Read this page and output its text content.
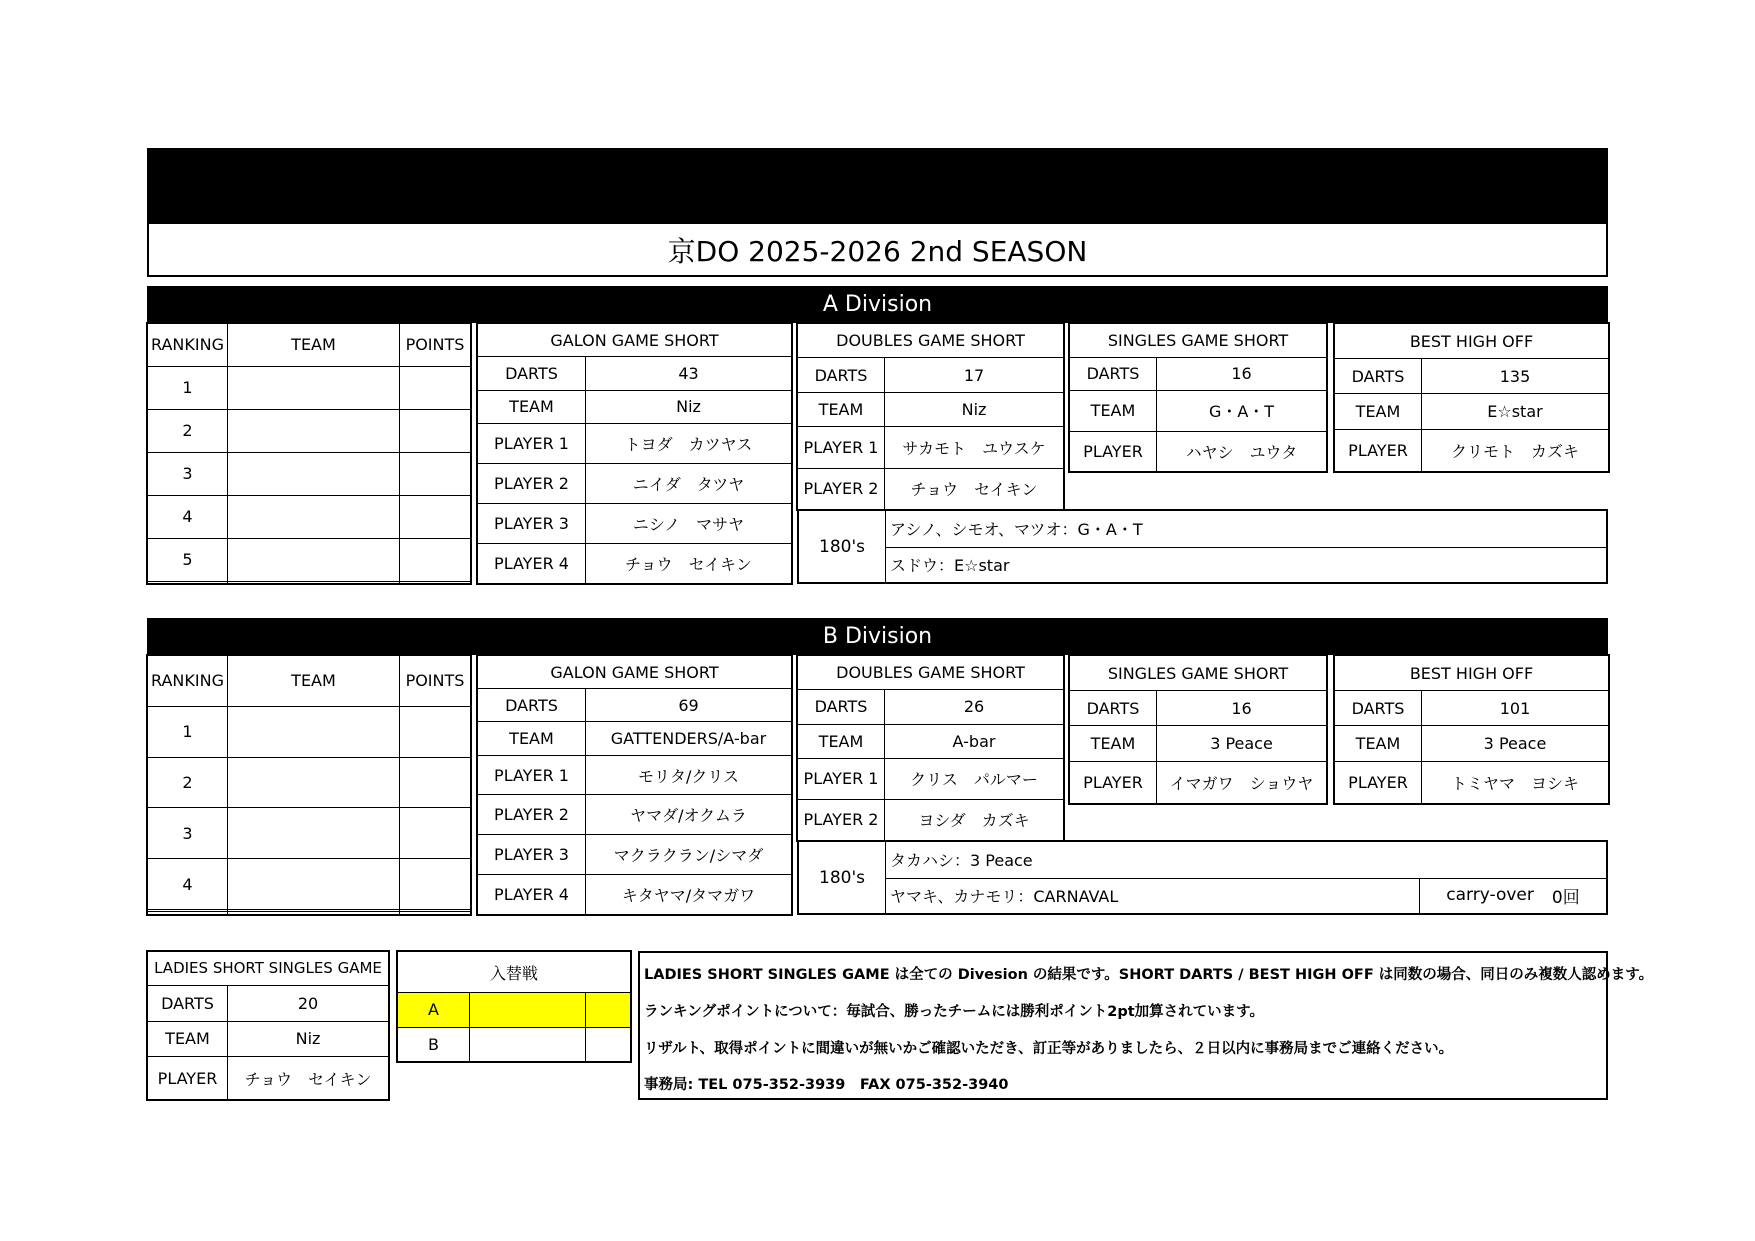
京DO 2025-2026 2nd SEASON
A Division
RANKING	TEAM	POINTS
1		
2		
3		
4		
5		

GALON GAME SHORT	
DARTS	43
TEAM	Niz
PLAYER 1	トヨダ　カツヤス
PLAYER 2	ニイダ　タツヤ
PLAYER 3	ニシノ　マサヤ
PLAYER 4	チョウ　セイキン
DOUBLES GAME SHORT	
DARTS	17
TEAM	Niz
PLAYER 1	サカモト　ユウスケ
PLAYER 2	チョウ　セイキン
SINGLES GAME SHORT	
DARTS	16
TEAM	G・A・T
PLAYER	ハヤシ　ユウタ
BEST HIGH OFF	
DARTS	135
TEAM	E☆star
PLAYER	クリモト　カズキ
180's
アシノ、シモオ、マツオ：G・A・T
スドウ：E☆star
B Division
RANKING	TEAM	POINTS
1		
2		
3		
4		

GALON GAME SHORT	
DARTS	69
TEAM	GATTENDERS/A-bar
PLAYER 1	モリタ/クリス
PLAYER 2	ヤマダ/オクムラ
PLAYER 3	マクラクラン/シマダ
PLAYER 4	キタヤマ/タマガワ
DOUBLES GAME SHORT	
DARTS	26
TEAM	A-bar
PLAYER 1	クリス　パルマー
PLAYER 2	ヨシダ　カズキ
SINGLES GAME SHORT	
DARTS	16
TEAM	3 Peace
PLAYER	イマガワ　ショウヤ
BEST HIGH OFF	
DARTS	101
TEAM	3 Peace
PLAYER	トミヤマ　ヨシキ
180's
タカハシ：3 Peace
ヤマキ、カナモリ：CARNAVAL	carry-over 0回
LADIES SHORT SINGLES GAME	
DARTS	20
TEAM	Niz
PLAYER	チョウ　セイキン
入替戦		
A		
B		
LADIES SHORT SINGLES GAME は全ての Divesion の結果です。SHORT DARTS / BEST HIGH OFF は同数の場合、同日のみ複数人認めます。
ランキングポイントについて：毎試合、勝ったチームには勝利ポイント2pt加算されています。
リザルト、取得ポイントに間違いが無いかご確認いただき、訂正等がありましたら、２日以内に事務局までご連絡ください。
事務局: TEL 075-352-3939　FAX 075-352-3940
